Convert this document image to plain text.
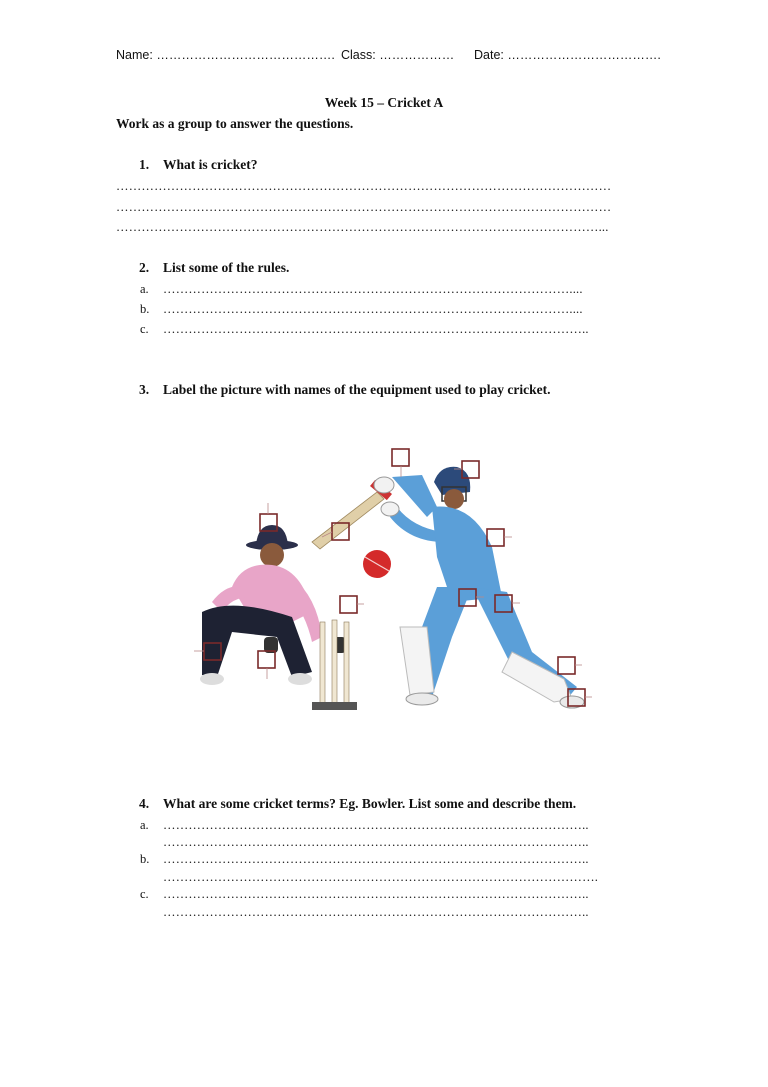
Name: ……………………………………. Class: ……………… Date: ……………………………….
Week 15 – Cricket A
Work as a group to answer the questions.
1. What is cricket?
………………………………………………………………………………………………………
………………………………………………………………………………………………………
……………………………………………………………………………………………………...
2. List some of the rules.
a. ……………………………………………………………………………………....
b. ……………………………………………………………………………………....
c. ………………………………………………………………………………………..
3. Label the picture with names of the equipment used to play cricket.
4. What are some cricket terms? Eg. Bowler. List some and describe them.
a. ………………………………………………………………………………………..
………………………………………………………………………………………..
b. ………………………………………………………………………………………..
………………………………………………………………………………………….
c. ………………………………………………………………………………………..
………………………………………………………………………………………..
